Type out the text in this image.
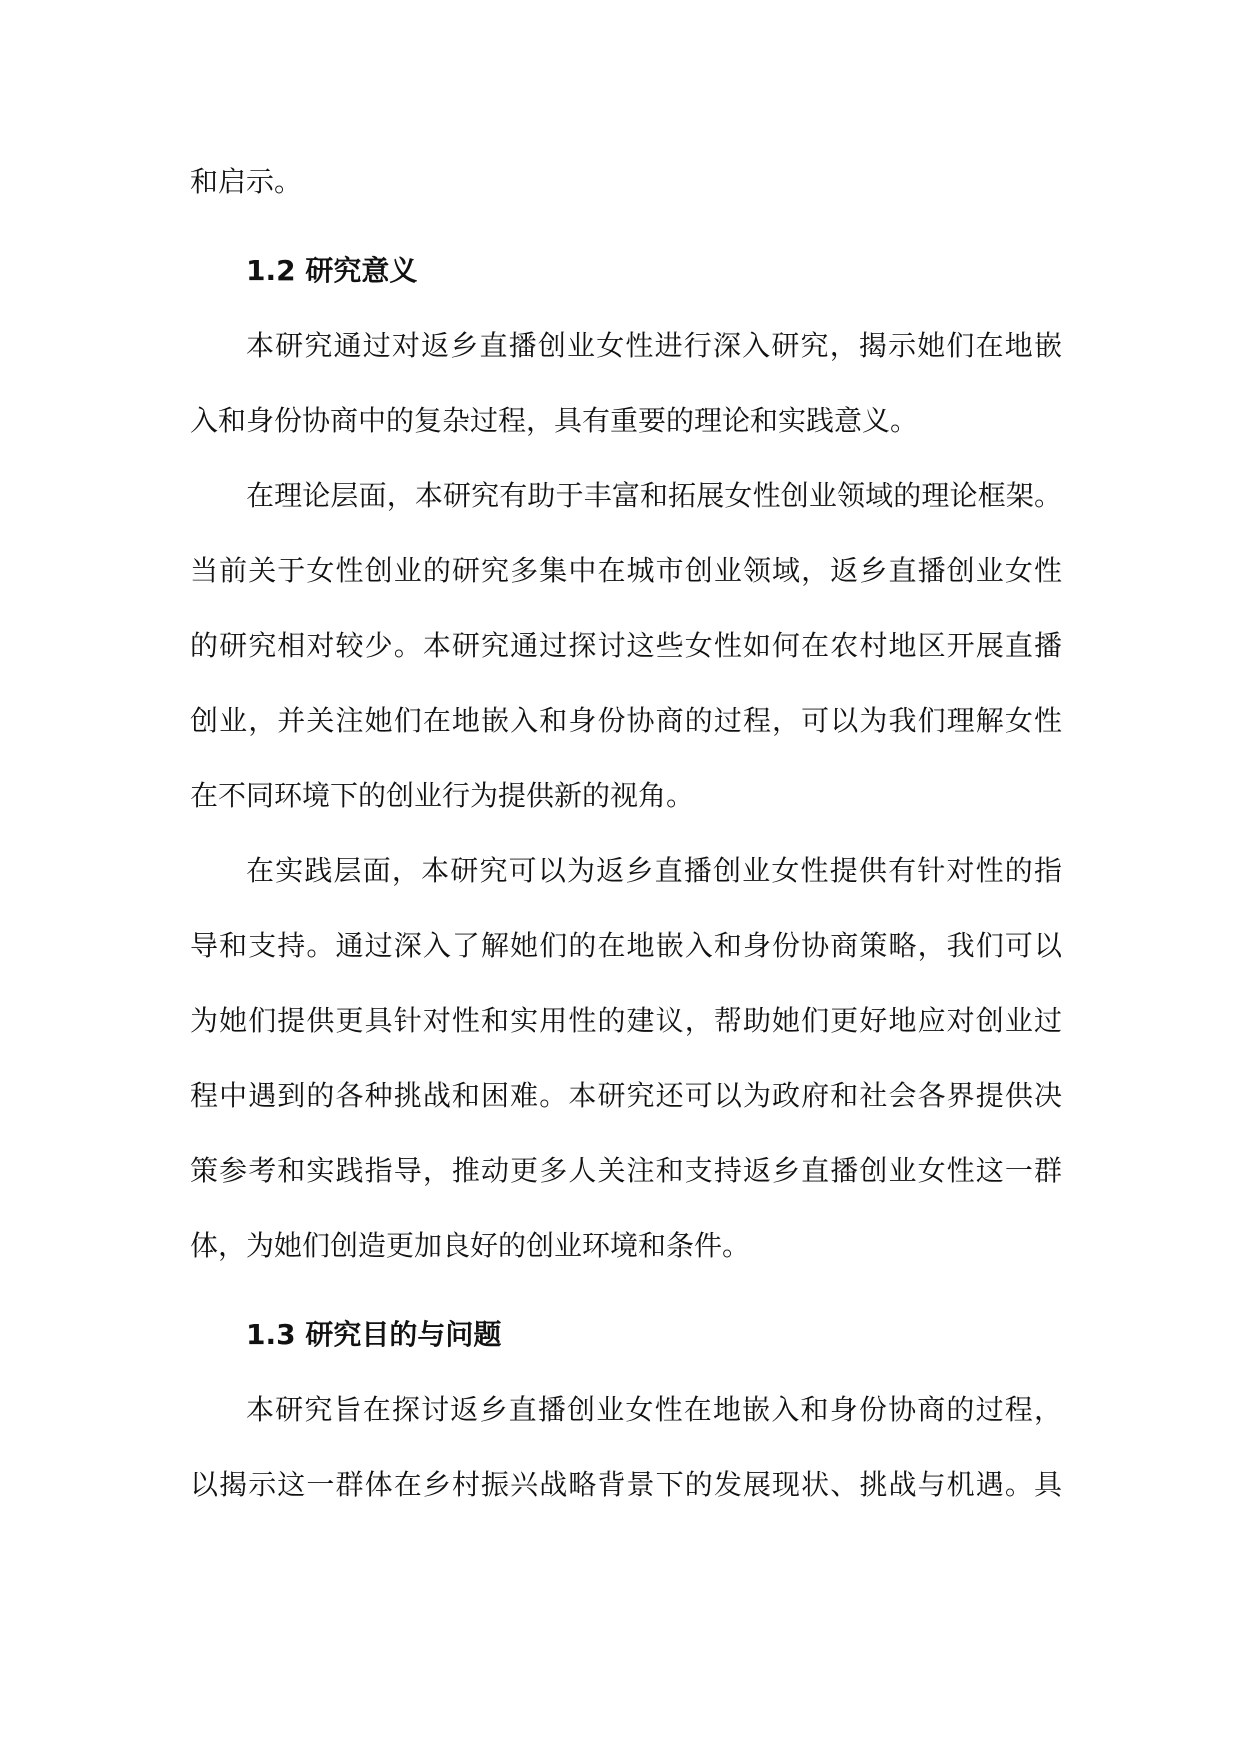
和启示。
1.2 研究意义
本研究通过对返乡直播创业女性进行深入研究，揭示她们在地嵌
入和身份协商中的复杂过程，具有重要的理论和实践意义。
在理论层面，本研究有助于丰富和拓展女性创业领域的理论框架。
当前关于女性创业的研究多集中在城市创业领域，返乡直播创业女性
的研究相对较少。本研究通过探讨这些女性如何在农村地区开展直播
创业，并关注她们在地嵌入和身份协商的过程，可以为我们理解女性
在不同环境下的创业行为提供新的视角。
在实践层面，本研究可以为返乡直播创业女性提供有针对性的指
导和支持。通过深入了解她们的在地嵌入和身份协商策略，我们可以
为她们提供更具针对性和实用性的建议，帮助她们更好地应对创业过
程中遇到的各种挑战和困难。本研究还可以为政府和社会各界提供决
策参考和实践指导，推动更多人关注和支持返乡直播创业女性这一群
体，为她们创造更加良好的创业环境和条件。
1.3 研究目的与问题
本研究旨在探讨返乡直播创业女性在地嵌入和身份协商的过程，
以揭示这一群体在乡村振兴战略背景下的发展现状、挑战与机遇。具
